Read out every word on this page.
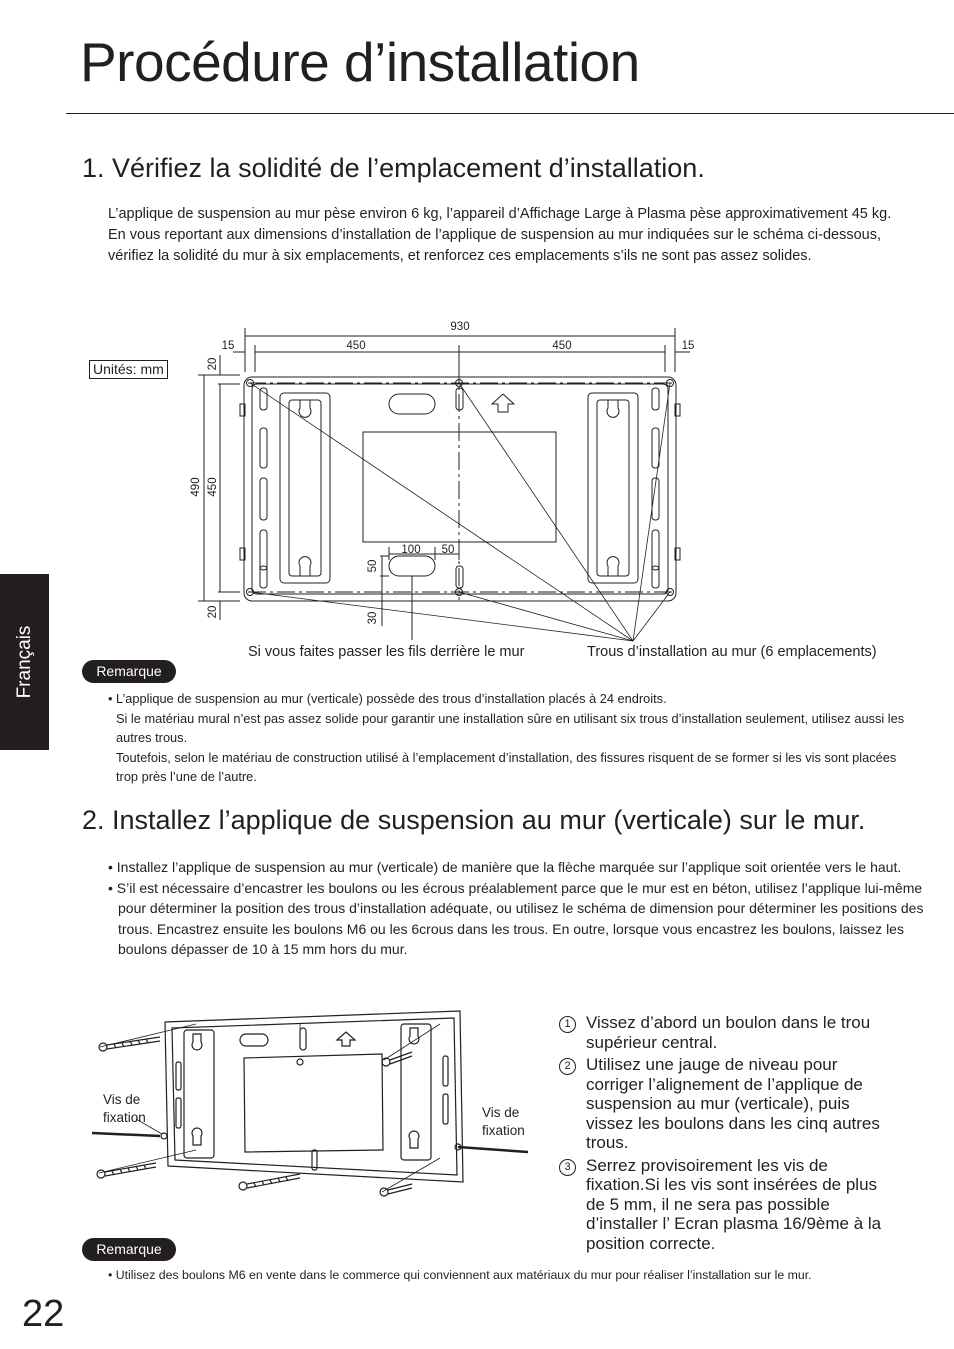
Procédure d’installation
Français
1. Vérifiez la solidité de l’emplacement d’installation.
L’applique de suspension au mur pèse environ 6 kg, l’appareil d’Affichage Large à Plasma pèse approximativement 45 kg. En vous reportant aux dimensions d’installation de l’applique de suspension au mur indiquées sur le schéma ci-dessous, vérifiez la solidité du mur à six emplacements, et renforcez ces emplacements s’ils ne sont pas assez solides.
Unités: mm
930
15	450	450	15
100 50
20
490 450
20
50
30
Si vous faites passer les fils derrière le mur	Trous d’installation au mur (6 emplacements)
Remarque
• L’applique de suspension au mur (verticale) possède des trous d’installation placés à 24 endroits.
Si le matériau mural n’est pas assez solide pour garantir une installation sûre en utilisant six trous d’installation seulement, utilisez aussi les autres trous.
Toutefois, selon le matériau de construction utilisé à l’emplacement d’installation, des fissures risquent de se former si les vis sont placées trop près l’une de l’autre.
2. Installez l’applique de suspension au mur (verticale) sur le mur.
• Installez l’applique de suspension au mur (verticale) de manière que la flèche marquée sur l’applique soit orientée vers le haut.
• S’il est nécessaire d’encastrer les boulons ou les écrous préalablement parce que le mur est en béton, utilisez l’applique lui-même pour déterminer la position des trous d’installation adéquate, ou utilisez le schéma de dimension pour déterminer les positions des trous. Encastrez ensuite les boulons M6 ou les 6crous dans les trous. En outre, lorsque vous encastrez les boulons, laissez les boulons dépasser de 10 à 15 mm hors du mur.
Vis de fixation	Vis de fixation
1 Vissez d’abord un boulon dans le trou supérieur central.
2 Utilisez une jauge de niveau pour corriger l’alignement de l’applique de suspension au mur (verticale), puis vissez les boulons dans les cinq autres trous.
3 Serrez provisoirement les vis de fixation.Si les vis sont insérées de plus de 5 mm, il ne sera pas possible d’installer l’ Ecran plasma 16/9ème à la position correcte.
Remarque
• Utilisez des boulons M6 en vente dans le commerce qui conviennent aux matériaux du mur pour réaliser l’installation sur le mur.
22
